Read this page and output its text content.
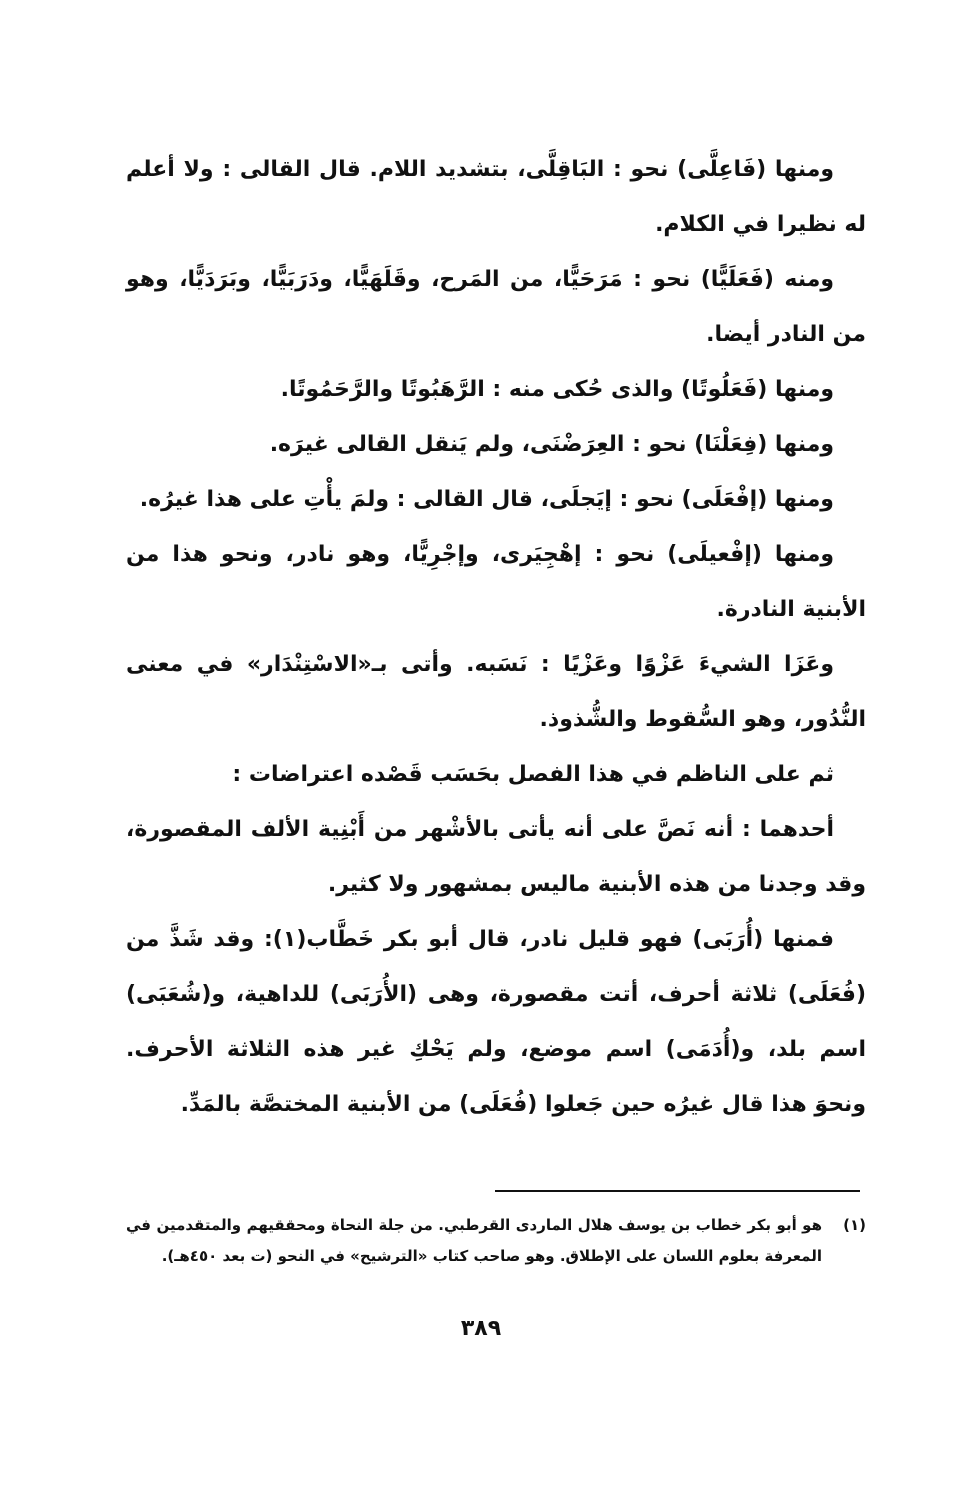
ومنها (فَاعِلَّى) نحو : البَاقِلَّى، بتشديد اللام. قال القالى : ولا أعلم له نظيرا في الكلام.

ومنه (فَعَلَيًّا) نحو : مَرَحَيًّا، من المَرح، وقَلَهَيًّا، ودَرَبَيًّا، وبَرَدَيًّا، وهو من النادر أيضا.

ومنها (فَعَلُوتًا) والذى حُكى منه : الرَّهَبُوتًا والرَّحَمُوتًا.

ومنها (فِعَلْنَا) نحو : العِرَضْنَى، ولم يَنقل القالى غيرَه.

ومنها (إفْعَلَى) نحو : إيَجلَى، قال القالى : ولمَ يأْتِ على هذا غيرُه.

ومنها (إفْعيلَى) نحو : إهْجِيَرى، وإجْرِيًّا، وهو نادر، ونحو هذا من الأبنية النادرة.

وعَزَا الشيءَ عَزْوًا وعَزْيًا : نَسَبه. وأتى بـ«الاسْتِنْدَار» في معنى النُّدُور، وهو السُّقوط والشُّذوذ.

ثم على الناظم في هذا الفصل بحَسَب قَصْده اعتراضات :

أحدهما : أنه نَصَّ على أنه يأتى بالأشْهر من أَبْنِية الألف المقصورة، وقد وجدنا من هذه الأبنية ماليس بمشهور ولا كثير.

فمنها (أُرَبَى) فهو قليل نادر، قال أبو بكر خَطَّاب(١): وقد شَذَّ من (فُعَلَى) ثلاثة أحرف، أتت مقصورة، وهى (الأُرَبَى) للداهية، و(شُعَبَى) اسم بلد، و(أُدَمَى) اسم موضع، ولم يَحْكِ غير هذه الثلاثة الأحرف. ونحوَ هذا قال غيرُه حين جَعلوا (فُعَلَى) من الأبنية المختصَّة بالمَدِّ.

(١)
هو أبو بكر خطاب بن يوسف هلال الماردى القرطبي. من جلة النحاة ومحققيهم والمتقدمين في المعرفة بعلوم اللسان على الإطلاق. وهو صاحب كتاب «الترشيح» في النحو (ت بعد ٤٥٠هـ).
٣٨٩
